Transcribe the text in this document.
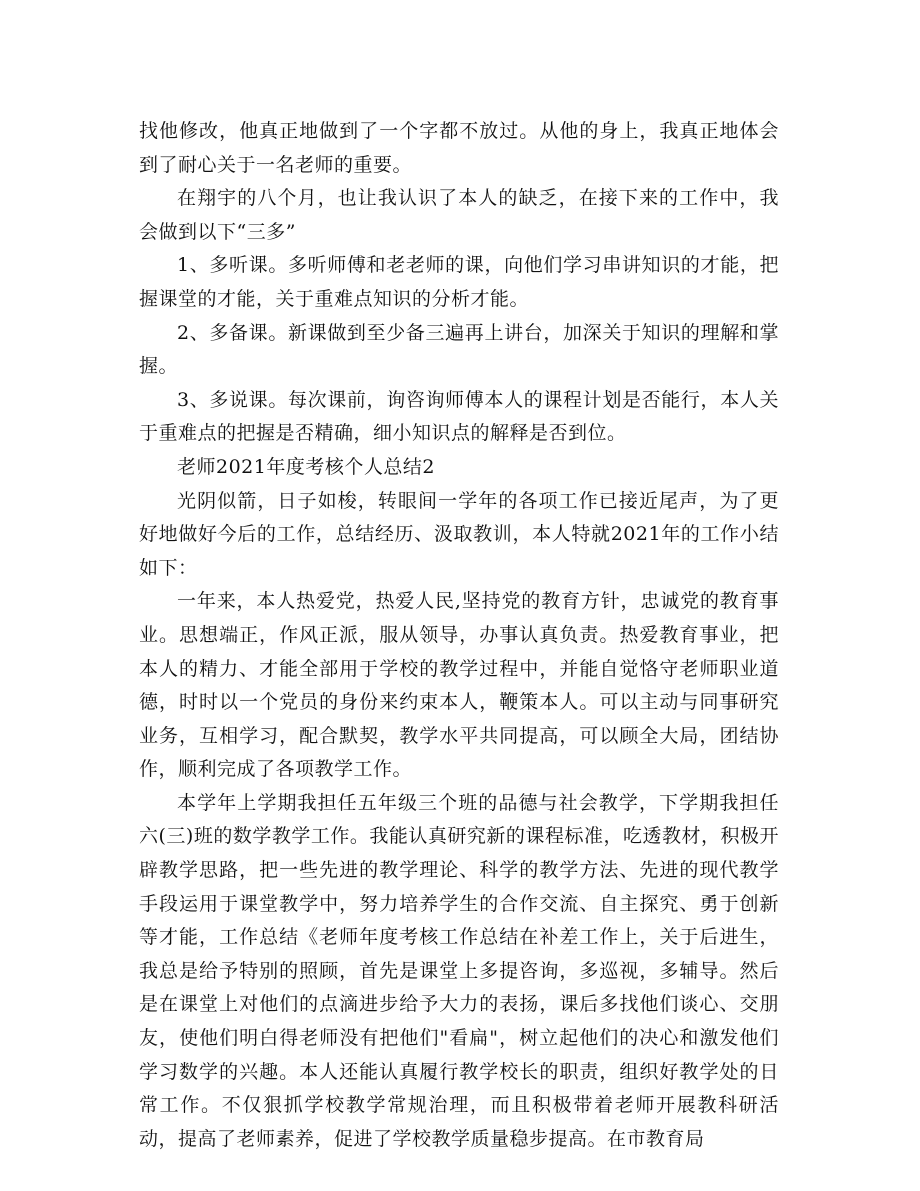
找他修改，他真正地做到了一个字都不放过。从他的身上，我真正地体会到了耐心关于一名老师的重要。

在翔宇的八个月，也让我认识了本人的缺乏，在接下来的工作中，我会做到以下“三多”

1、多听课。多听师傅和老老师的课，向他们学习串讲知识的才能，把握课堂的才能，关于重难点知识的分析才能。

2、多备课。新课做到至少备三遍再上讲台，加深关于知识的理解和掌握。

3、多说课。每次课前，询咨询师傅本人的课程计划是否能行，本人关于重难点的把握是否精确，细小知识点的解释是否到位。

老师2021年度考核个人总结2

光阴似箭，日子如梭，转眼间一学年的各项工作已接近尾声，为了更好地做好今后的工作，总结经历、汲取教训，本人特就2021年的工作小结如下：

一年来，本人热爱党，热爱人民,坚持党的教育方针，忠诚党的教育事业。思想端正，作风正派，服从领导，办事认真负责。热爱教育事业，把本人的精力、才能全部用于学校的教学过程中，并能自觉恪守老师职业道德，时时以一个党员的身份来约束本人，鞭策本人。可以主动与同事研究业务，互相学习，配合默契，教学水平共同提高，可以顾全大局，团结协作，顺利完成了各项教学工作。

本学年上学期我担任五年级三个班的品德与社会教学，下学期我担任六(三)班的数学教学工作。我能认真研究新的课程标准，吃透教材，积极开辟教学思路，把一些先进的教学理论、科学的教学方法、先进的现代教学手段运用于课堂教学中，努力培养学生的合作交流、自主探究、勇于创新等才能，工作总结《老师年度考核工作总结在补差工作上，关于后进生，我总是给予特别的照顾，首先是课堂上多提咨询，多巡视，多辅导。然后是在课堂上对他们的点滴进步给予大力的表扬，课后多找他们谈心、交朋友，使他们明白得老师没有把他们"看扁"，树立起他们的决心和激发他们学习数学的兴趣。本人还能认真履行教学校长的职责，组织好教学处的日常工作。不仅狠抓学校教学常规治理，而且积极带着老师开展教科研活动，提高了老师素养，促进了学校教学质量稳步提高。在市教育局
